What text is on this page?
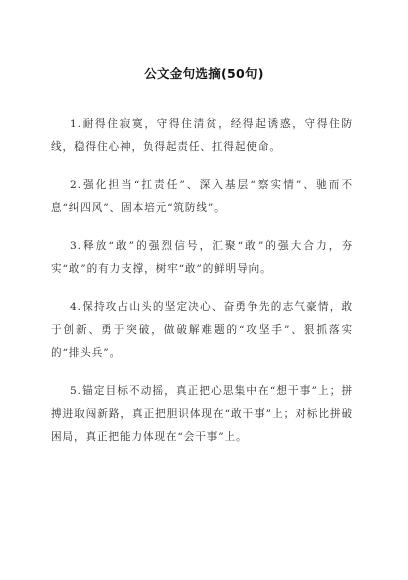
公文金句选摘(50句)

1.耐得住寂寞，守得住清贫，经得起诱惑，守得住防线，稳得住心神，负得起责任、扛得起使命。

2.强化担当“扛责任”、深入基层“察实情”、驰而不息“纠四风”、固本培元“筑防线”。

3.释放“敢”的强烈信号，汇聚“敢”的强大合力，夯实“敢”的有力支撑，树牢“敢”的鲜明导向。

4.保持攻占山头的坚定决心、奋勇争先的志气豪情，敢于创新、勇于突破，做破解难题的“攻坚手”、狠抓落实的“排头兵”。

5.锚定目标不动摇，真正把心思集中在“想干事”上；拼搏进取闯新路，真正把胆识体现在“敢干事”上；对标比拼破困局，真正把能力体现在“会干事”上。
